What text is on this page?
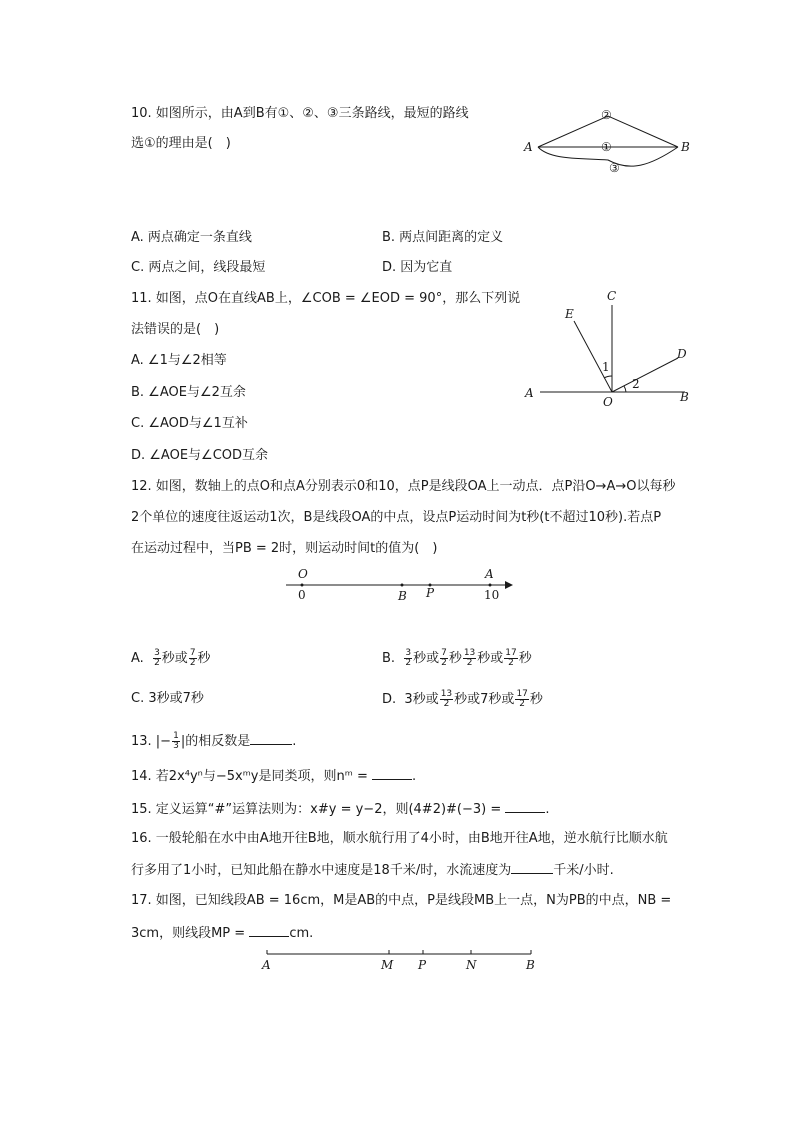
10. 如图所示，由A到B有①、②、③三条路线，最短的路线
选①的理由是(　)	A	B
②
①
③
A. 两点确定一条直线	B. 两点间距离的定义
C. 两点之间，线段最短	D. 因为它直
11. 如图，点O在直线AB上，∠COB = ∠EOD = 90°，那么下列说
法错误的是(　)
A. ∠1与∠2相等
B. ∠AOE与∠2互余
C. ∠AOD与∠1互补
D. ∠AOE与∠COD互余
C
E
D
A
O	B
1
2
12. 如图，数轴上的点O和点A分别表示0和10，点P是线段OA上一动点．点P沿O→A→O以每秒
2个单位的速度往返运动1次，B是线段OA的中点，设点P运动时间为t秒(t不超过10秒).若点P
在运动过程中，当PB = 2时，则运动时间t的值为(　)
O	A
0	B P	10
A. $\frac{3}{2}$ 秒或 $\frac{7}{2}$ 秒	B. $\frac{3}{2}$ 秒或 $\frac{7}{2}$ 秒 $\frac{13}{2}$ 秒或 $\frac{17}{2}$ 秒
C. 3秒或7秒	D. 3秒或 $\frac{13}{2}$ 秒或7秒或 $\frac{17}{2}$ 秒
13. |− $\frac{1}{3}$ |的相反数是	.
14. 若2x⁴yⁿ与−5xᵐy是同类项，则nᵐ =	.
15. 定义运算“#”运算法则为：x#y = y−2，则(4#2)#(−3) =	.
16. 一般轮船在水中由A地开往B地，顺水航行用了4小时，由B地开往A地，逆水航行比顺水航
行多用了1小时，已知此船在静水中速度是18千米/时，水流速度为	千米/小时.
17. 如图，已知线段AB = 16cm，M是AB的中点，P是线段MB上一点，N为PB的中点，NB =
3cm，则线段MP =	cm.
A	M P	N	B
